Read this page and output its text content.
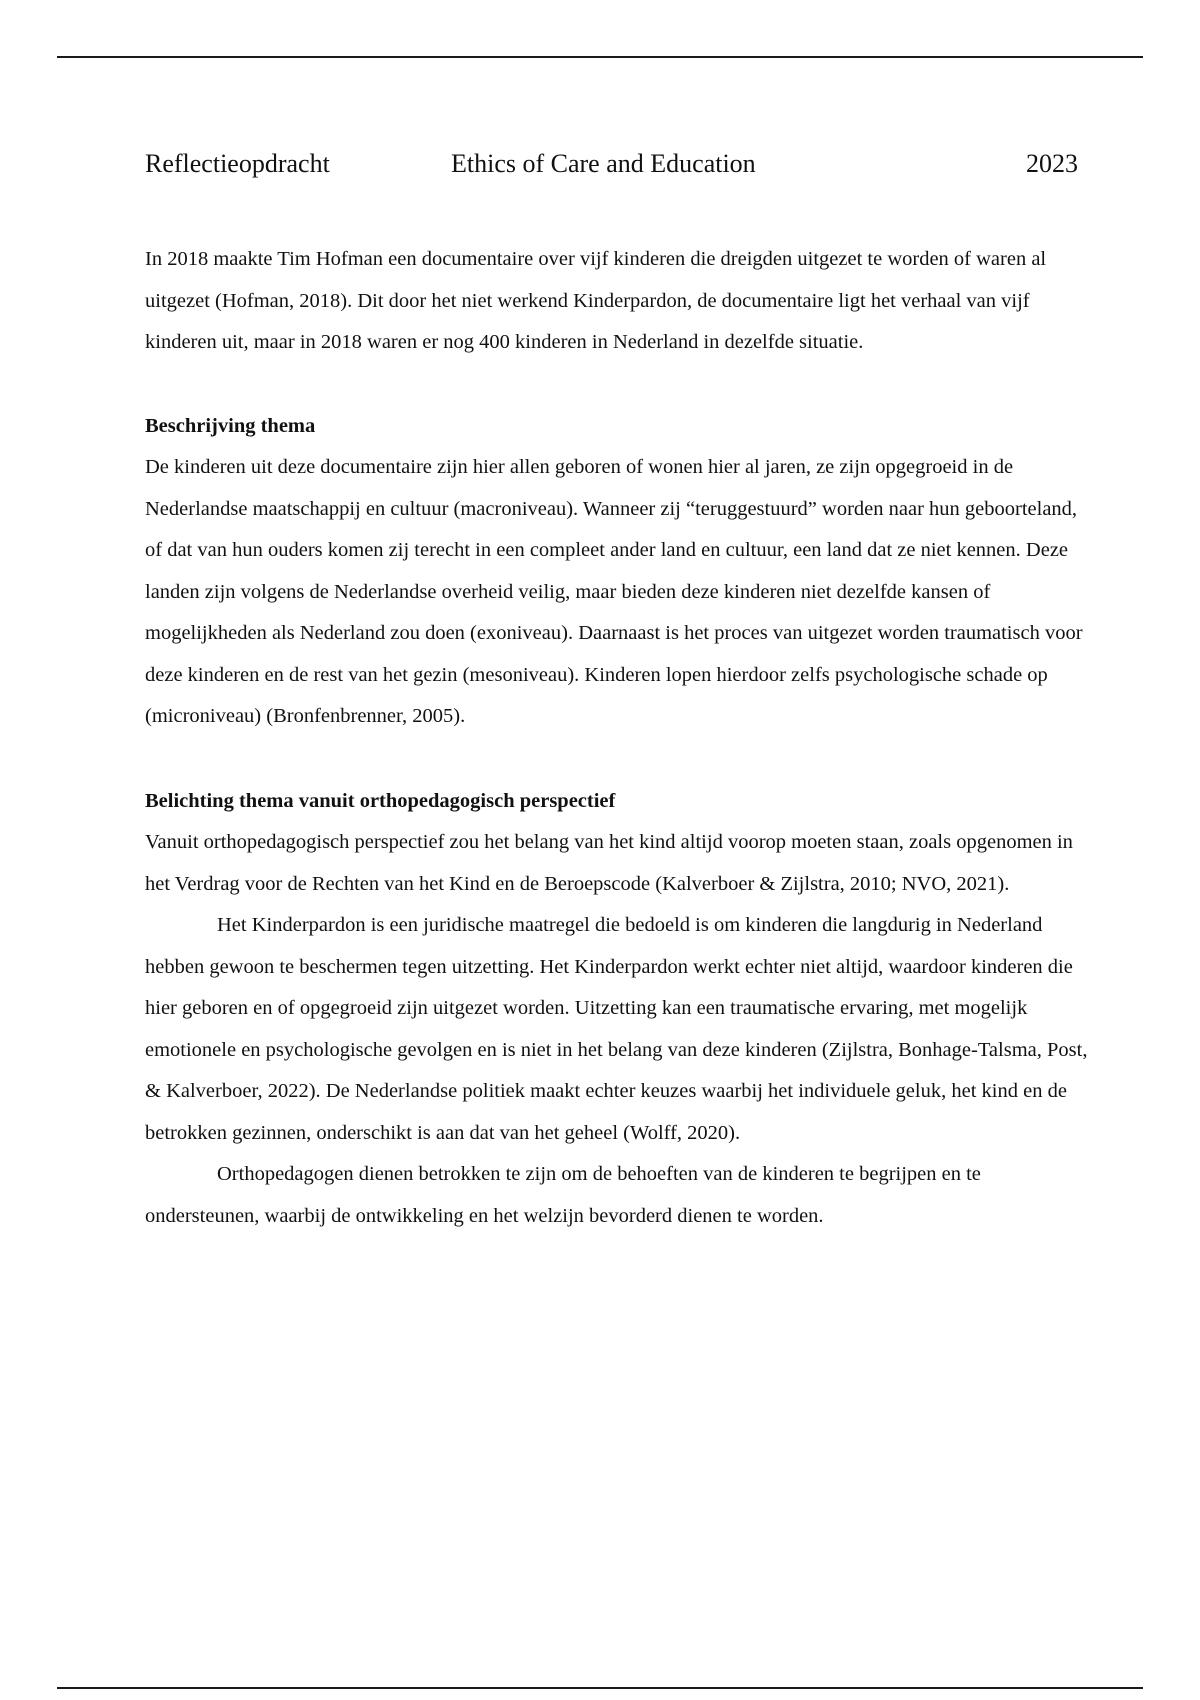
Reflectieopdracht	Ethics of Care and Education	2023

In 2018 maakte Tim Hofman een documentaire over vijf kinderen die dreigden uitgezet te worden of waren al uitgezet (Hofman, 2018). Dit door het niet werkend Kinderpardon, de documentaire ligt het verhaal van vijf kinderen uit, maar in 2018 waren er nog 400 kinderen in Nederland in dezelfde situatie.

Beschrijving thema

De kinderen uit deze documentaire zijn hier allen geboren of wonen hier al jaren, ze zijn opgegroeid in de Nederlandse maatschappij en cultuur (macroniveau). Wanneer zij “teruggestuurd” worden naar hun geboorteland, of dat van hun ouders komen zij terecht in een compleet ander land en cultuur, een land dat ze niet kennen. Deze landen zijn volgens de Nederlandse overheid veilig, maar bieden deze kinderen niet dezelfde kansen of mogelijkheden als Nederland zou doen (exoniveau). Daarnaast is het proces van uitgezet worden traumatisch voor deze kinderen en de rest van het gezin (mesoniveau). Kinderen lopen hierdoor zelfs psychologische schade op (microniveau) (Bronfenbrenner, 2005).

Belichting thema vanuit orthopedagogisch perspectief

Vanuit orthopedagogisch perspectief zou het belang van het kind altijd voorop moeten staan, zoals opgenomen in het Verdrag voor de Rechten van het Kind en de Beroepscode (Kalverboer & Zijlstra, 2010; NVO, 2021).

Het Kinderpardon is een juridische maatregel die bedoeld is om kinderen die langdurig in Nederland hebben gewoon te beschermen tegen uitzetting. Het Kinderpardon werkt echter niet altijd, waardoor kinderen die hier geboren en of opgegroeid zijn uitgezet worden. Uitzetting kan een traumatische ervaring, met mogelijk emotionele en psychologische gevolgen en is niet in het belang van deze kinderen (Zijlstra, Bonhage-Talsma, Post, & Kalverboer, 2022). De Nederlandse politiek maakt echter keuzes waarbij het individuele geluk, het kind en de betrokken gezinnen, onderschikt is aan dat van het geheel (Wolff, 2020).

Orthopedagogen dienen betrokken te zijn om de behoeften van de kinderen te begrijpen en te ondersteunen, waarbij de ontwikkeling en het welzijn bevorderd dienen te worden.
